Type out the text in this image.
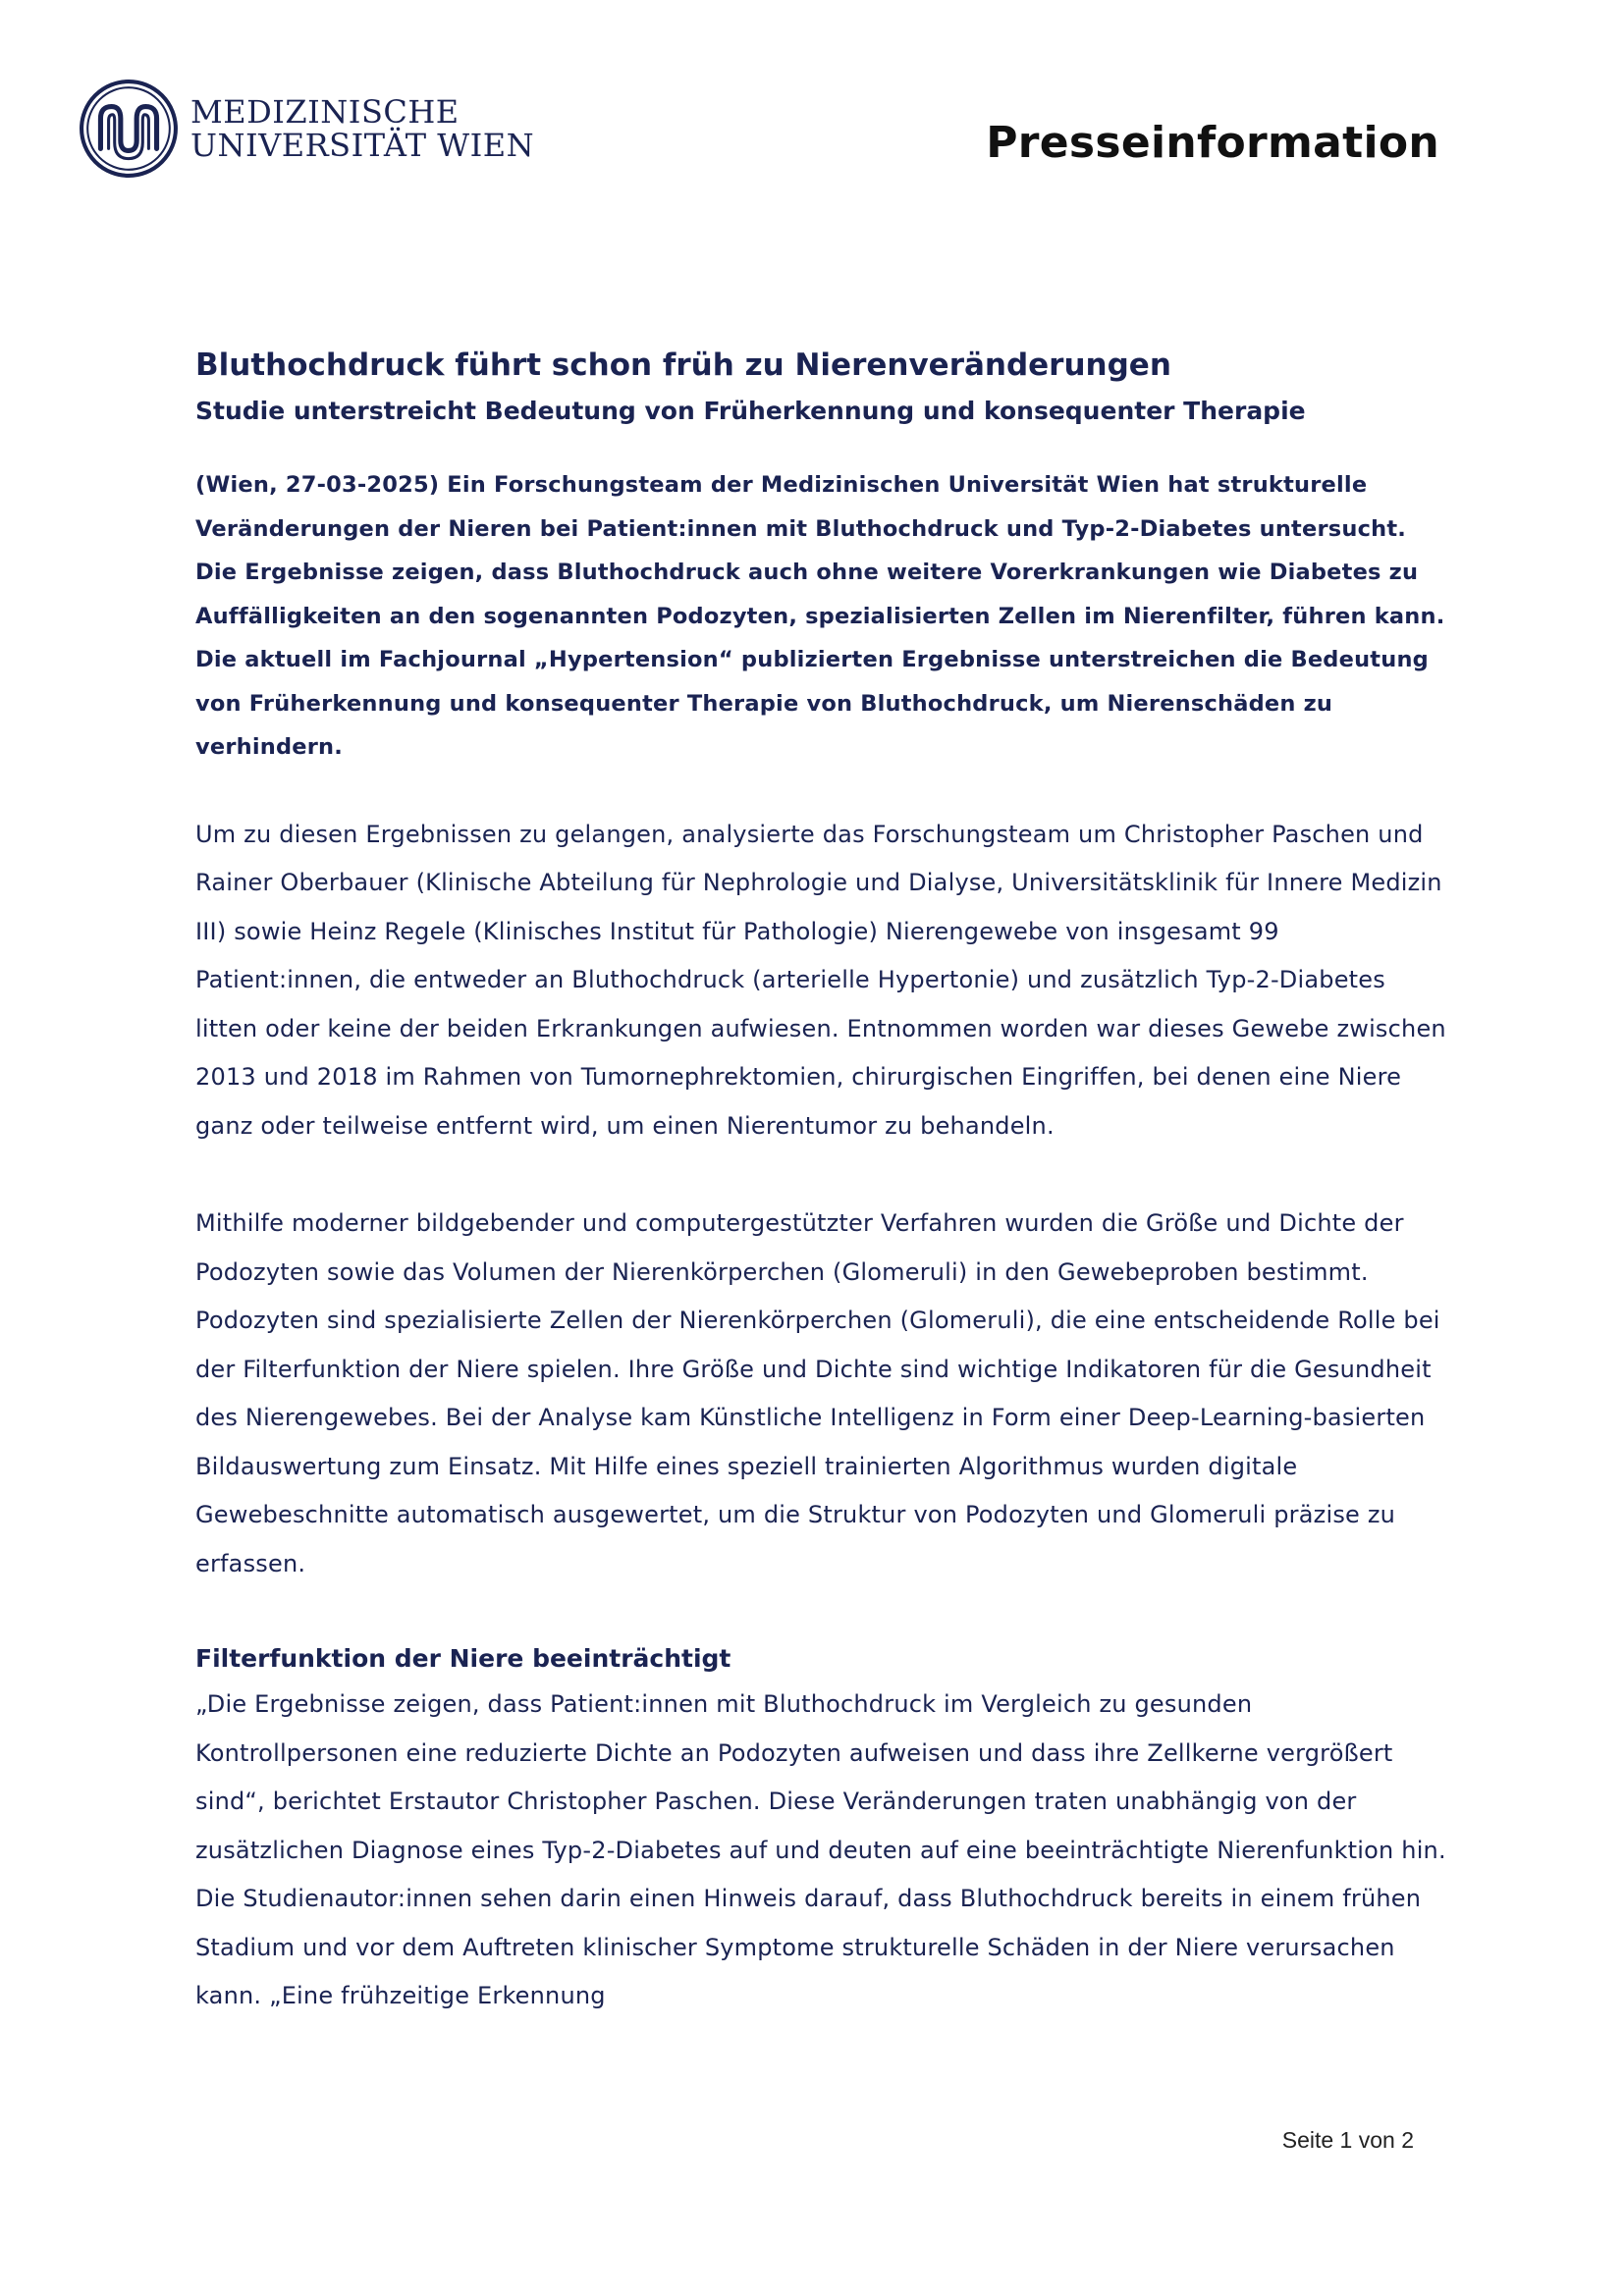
MEDIZINISCHE
UNIVERSITÄT WIEN	Presseinformation
Bluthochdruck führt schon früh zu Nierenveränderungen
Studie unterstreicht Bedeutung von Früherkennung und konsequenter Therapie

(Wien, 27-03-2025) Ein Forschungsteam der Medizinischen Universität Wien hat strukturelle Veränderungen der Nieren bei Patient:innen mit Bluthochdruck und Typ-2-Diabetes untersucht. Die Ergebnisse zeigen, dass Bluthochdruck auch ohne weitere Vorerkrankungen wie Diabetes zu Auffälligkeiten an den sogenannten Podozyten, spezialisierten Zellen im Nierenfilter, führen kann. Die aktuell im Fachjournal „Hypertension“ publizierten Ergebnisse unterstreichen die Bedeutung von Früherkennung und konsequenter Therapie von Bluthochdruck, um Nierenschäden zu verhindern.

Um zu diesen Ergebnissen zu gelangen, analysierte das Forschungsteam um Christopher Paschen und Rainer Oberbauer (Klinische Abteilung für Nephrologie und Dialyse, Universitätsklinik für Innere Medizin III) sowie Heinz Regele (Klinisches Institut für Pathologie) Nierengewebe von insgesamt 99 Patient:innen, die entweder an Bluthochdruck (arterielle Hypertonie) und zusätzlich Typ-2-Diabetes litten oder keine der beiden Erkrankungen aufwiesen. Entnommen worden war dieses Gewebe zwischen 2013 und 2018 im Rahmen von Tumornephrektomien, chirurgischen Eingriffen, bei denen eine Niere ganz oder teilweise entfernt wird, um einen Nierentumor zu behandeln.

Mithilfe moderner bildgebender und computergestützter Verfahren wurden die Größe und Dichte der Podozyten sowie das Volumen der Nierenkörperchen (Glomeruli) in den Gewebeproben bestimmt. Podozyten sind spezialisierte Zellen der Nierenkörperchen (Glomeruli), die eine entscheidende Rolle bei der Filterfunktion der Niere spielen. Ihre Größe und Dichte sind wichtige Indikatoren für die Gesundheit des Nierengewebes. Bei der Analyse kam Künstliche Intelligenz in Form einer Deep-Learning-basierten Bildauswertung zum Einsatz. Mit Hilfe eines speziell trainierten Algorithmus wurden digitale Gewebeschnitte automatisch ausgewertet, um die Struktur von Podozyten und Glomeruli präzise zu erfassen.

Filterfunktion der Niere beeinträchtigt

„Die Ergebnisse zeigen, dass Patient:innen mit Bluthochdruck im Vergleich zu gesunden Kontrollpersonen eine reduzierte Dichte an Podozyten aufweisen und dass ihre Zellkerne vergrößert sind“, berichtet Erstautor Christopher Paschen. Diese Veränderungen traten unabhängig von der zusätzlichen Diagnose eines Typ-2-Diabetes auf und deuten auf eine beeinträchtigte Nierenfunktion hin. Die Studienautor:innen sehen darin einen Hinweis darauf, dass Bluthochdruck bereits in einem frühen Stadium und vor dem Auftreten klinischer Symptome strukturelle Schäden in der Niere verursachen kann. „Eine frühzeitige Erkennung

Seite 1 von 2
